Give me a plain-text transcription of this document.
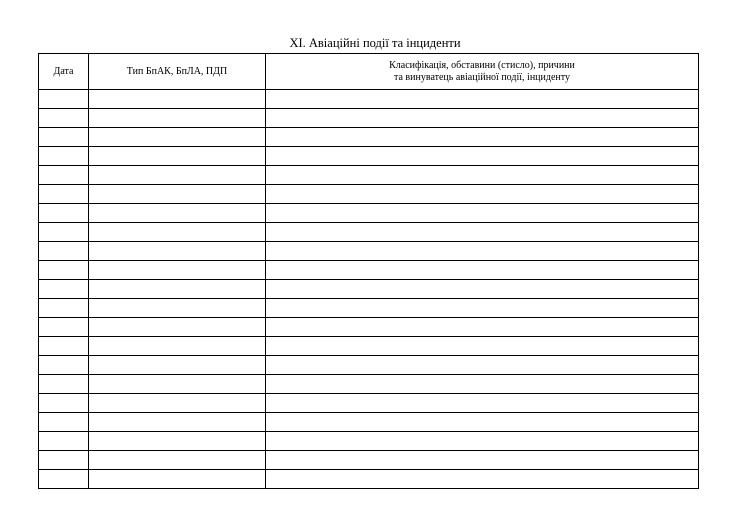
XI. Авіаційні події та інциденти
Дата	Тип БпАК, БпЛА, ПДП	Класифікація, обставини (стисло), причини
та винуватець авіаційної події, інциденту
